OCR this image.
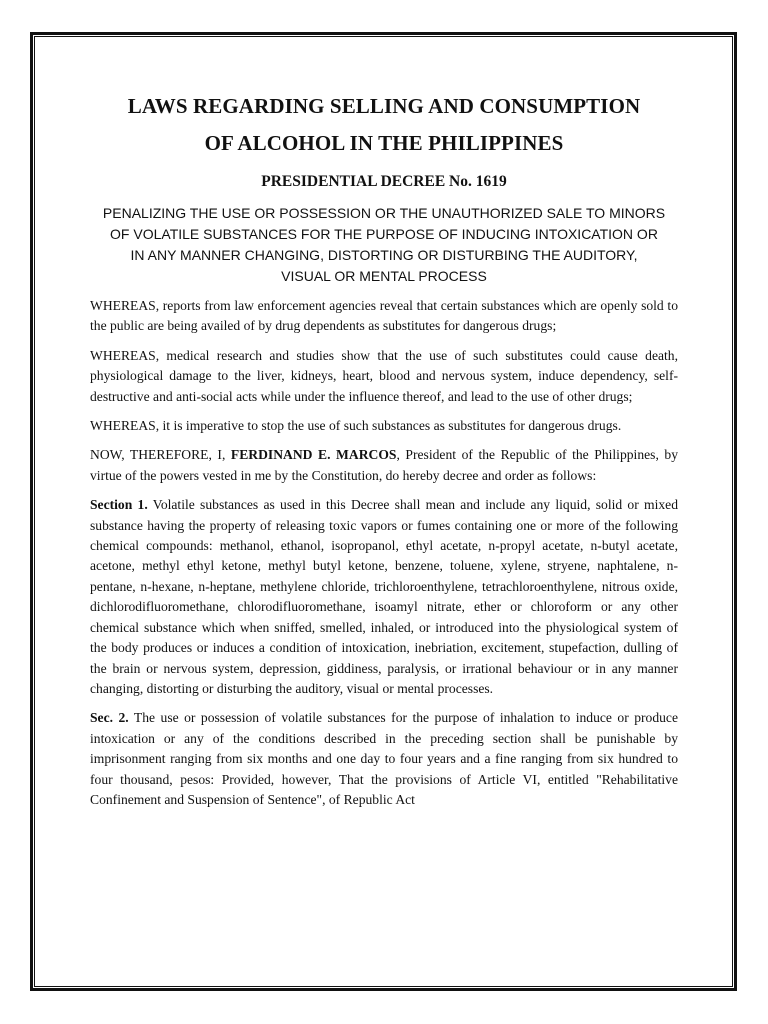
LAWS REGARDING SELLING AND CONSUMPTION
OF ALCOHOL IN THE PHILIPPINES
PRESIDENTIAL DECREE No. 1619
PENALIZING THE USE OR POSSESSION OR THE UNAUTHORIZED SALE TO MINORS
OF VOLATILE SUBSTANCES FOR THE PURPOSE OF INDUCING INTOXICATION OR
IN ANY MANNER CHANGING, DISTORTING OR DISTURBING THE AUDITORY,
VISUAL OR MENTAL PROCESS

WHEREAS, reports from law enforcement agencies reveal that certain substances which are openly sold to the public are being availed of by drug dependents as substitutes for dangerous drugs;

WHEREAS, medical research and studies show that the use of such substitutes could cause death, physiological damage to the liver, kidneys, heart, blood and nervous system, induce dependency, self-destructive and anti-social acts while under the influence thereof, and lead to the use of other drugs;

WHEREAS, it is imperative to stop the use of such substances as substitutes for dangerous drugs.

NOW, THEREFORE, I, FERDINAND E. MARCOS, President of the Republic of the Philippines, by virtue of the powers vested in me by the Constitution, do hereby decree and order as follows:

Section 1. Volatile substances as used in this Decree shall mean and include any liquid, solid or mixed substance having the property of releasing toxic vapors or fumes containing one or more of the following chemical compounds: methanol, ethanol, isopropanol, ethyl acetate, n-propyl acetate, n-butyl acetate, acetone, methyl ethyl ketone, methyl butyl ketone, benzene, toluene, xylene, stryene, naphtalene, n-pentane, n-hexane, n-heptane, methylene chloride, trichloroenthylene, tetrachloroenthylene, nitrous oxide, dichlorodifluoromethane, chlorodifluoromethane, isoamyl nitrate, ether or chloroform or any other chemical substance which when sniffed, smelled, inhaled, or introduced into the physiological system of the body produces or induces a condition of intoxication, inebriation, excitement, stupefaction, dulling of the brain or nervous system, depression, giddiness, paralysis, or irrational behaviour or in any manner changing, distorting or disturbing the auditory, visual or mental processes.

Sec. 2. The use or possession of volatile substances for the purpose of inhalation to induce or produce intoxication or any of the conditions described in the preceding section shall be punishable by imprisonment ranging from six months and one day to four years and a fine ranging from six hundred to four thousand, pesos: Provided, however, That the provisions of Article VI, entitled "Rehabilitative Confinement and Suspension of Sentence", of Republic Act
